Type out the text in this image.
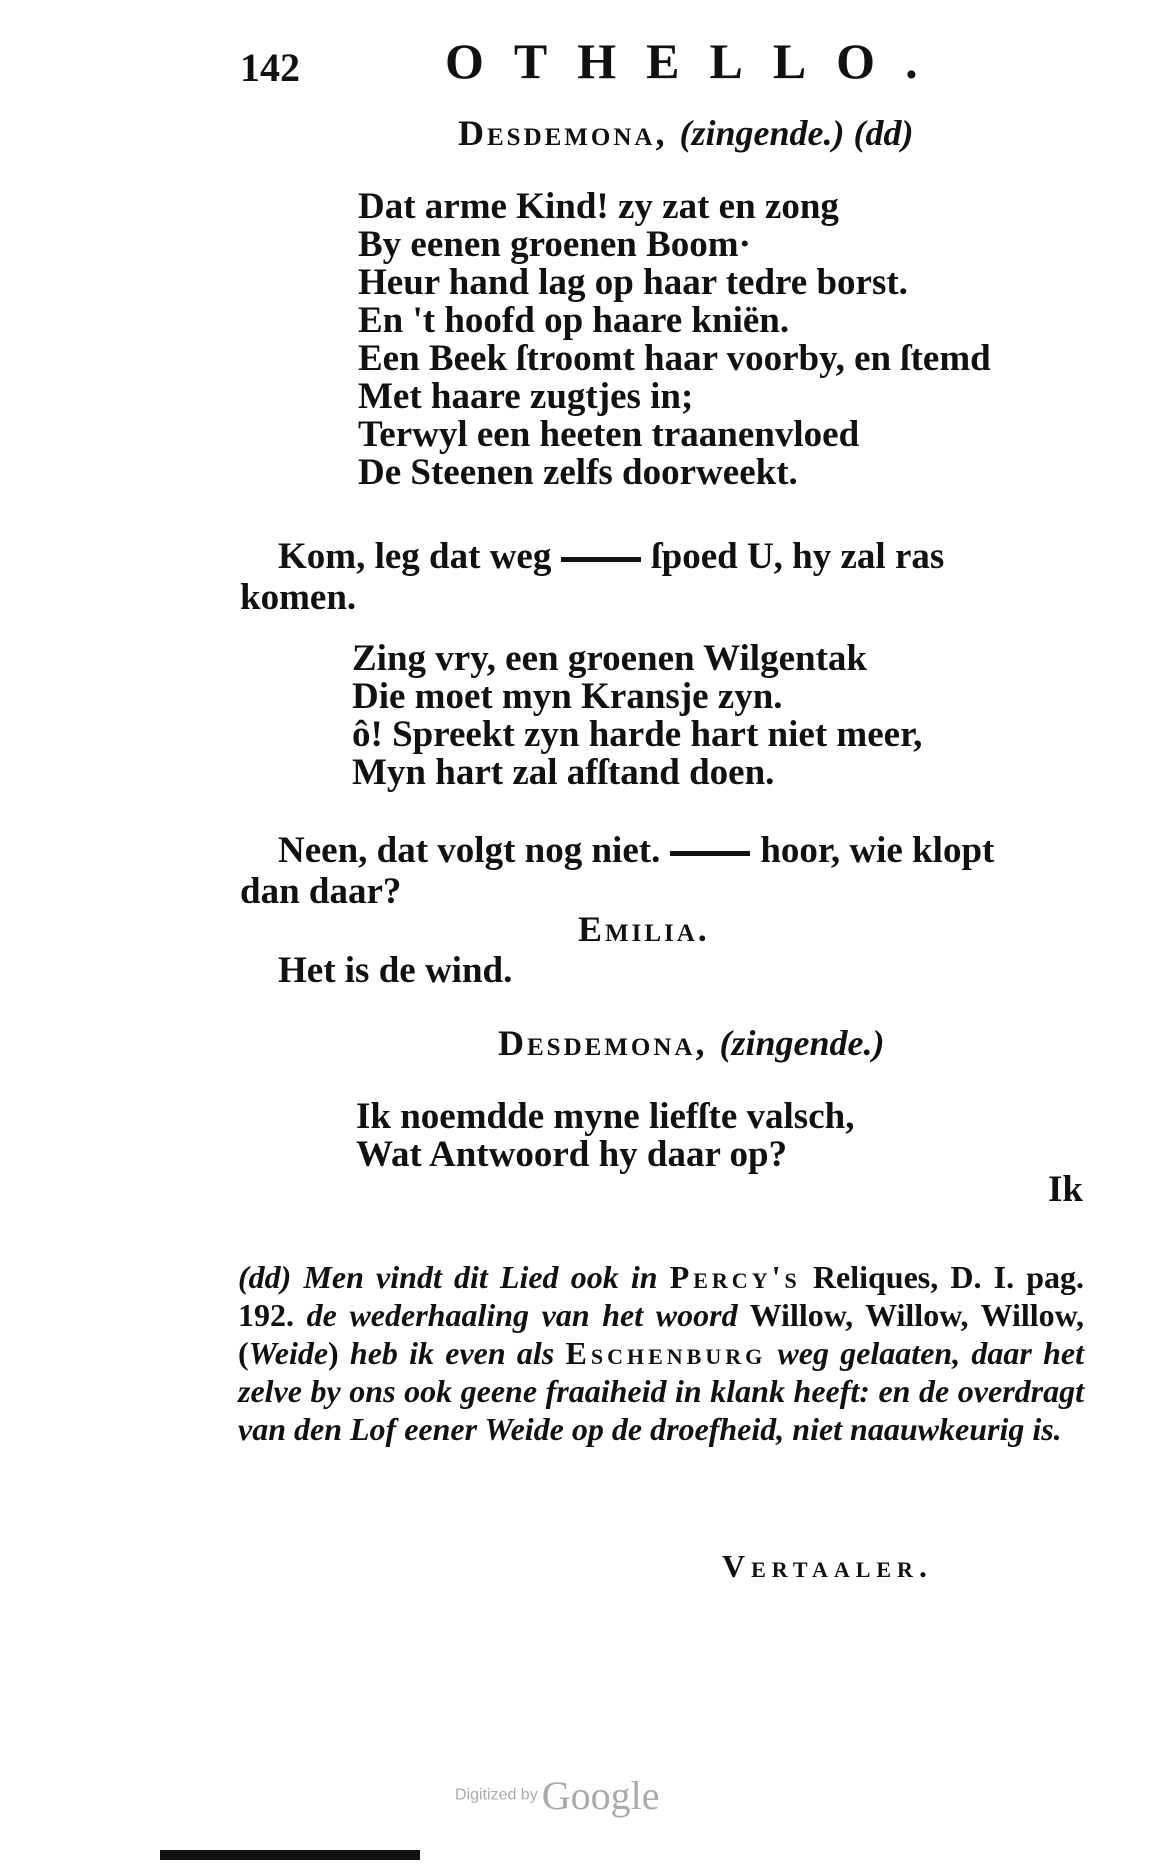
142	OTHELLO.
Desdemona, (zingende.) (dd)
Dat arme Kind! zy zat en zong
By eenen groenen Boom·
Heur hand lag op haar tedre borst.
En 't hoofd op haare kniën.
Een Beek ſtroomt haar voorby, en ſtemd
Met haare zugtjes in;
Terwyl een heeten traanenvloed
De Steenen zelfs doorweekt.
Kom, leg dat weg	ſpoed U, hy zal ras
komen.
Zing vry, een groenen Wilgentak
Die moet myn Kransje zyn.
ô! Spreekt zyn harde hart niet meer,
Myn hart zal afſtand doen.
Neen, dat volgt nog niet.	hoor, wie klopt
dan daar?
Emilia.
Het is de wind.
Desdemona, (zingende.)
Ik noemdde myne liefſte valsch,
Wat Antwoord hy daar op?
Ik
(dd) Men vindt dit Lied ook in Percy's Reliques, D. I. pag. 192. de wederhaaling van het woord Willow, Willow, Willow, (Weide) heb ik even als Eschenburg weg gelaaten, daar het zelve by ons ook geene fraaiheid in klank heeft: en de overdragt van den Lof eener Weide op de droefheid, niet naauwkeurig is.
Vertaaler.
Digitized by Google
